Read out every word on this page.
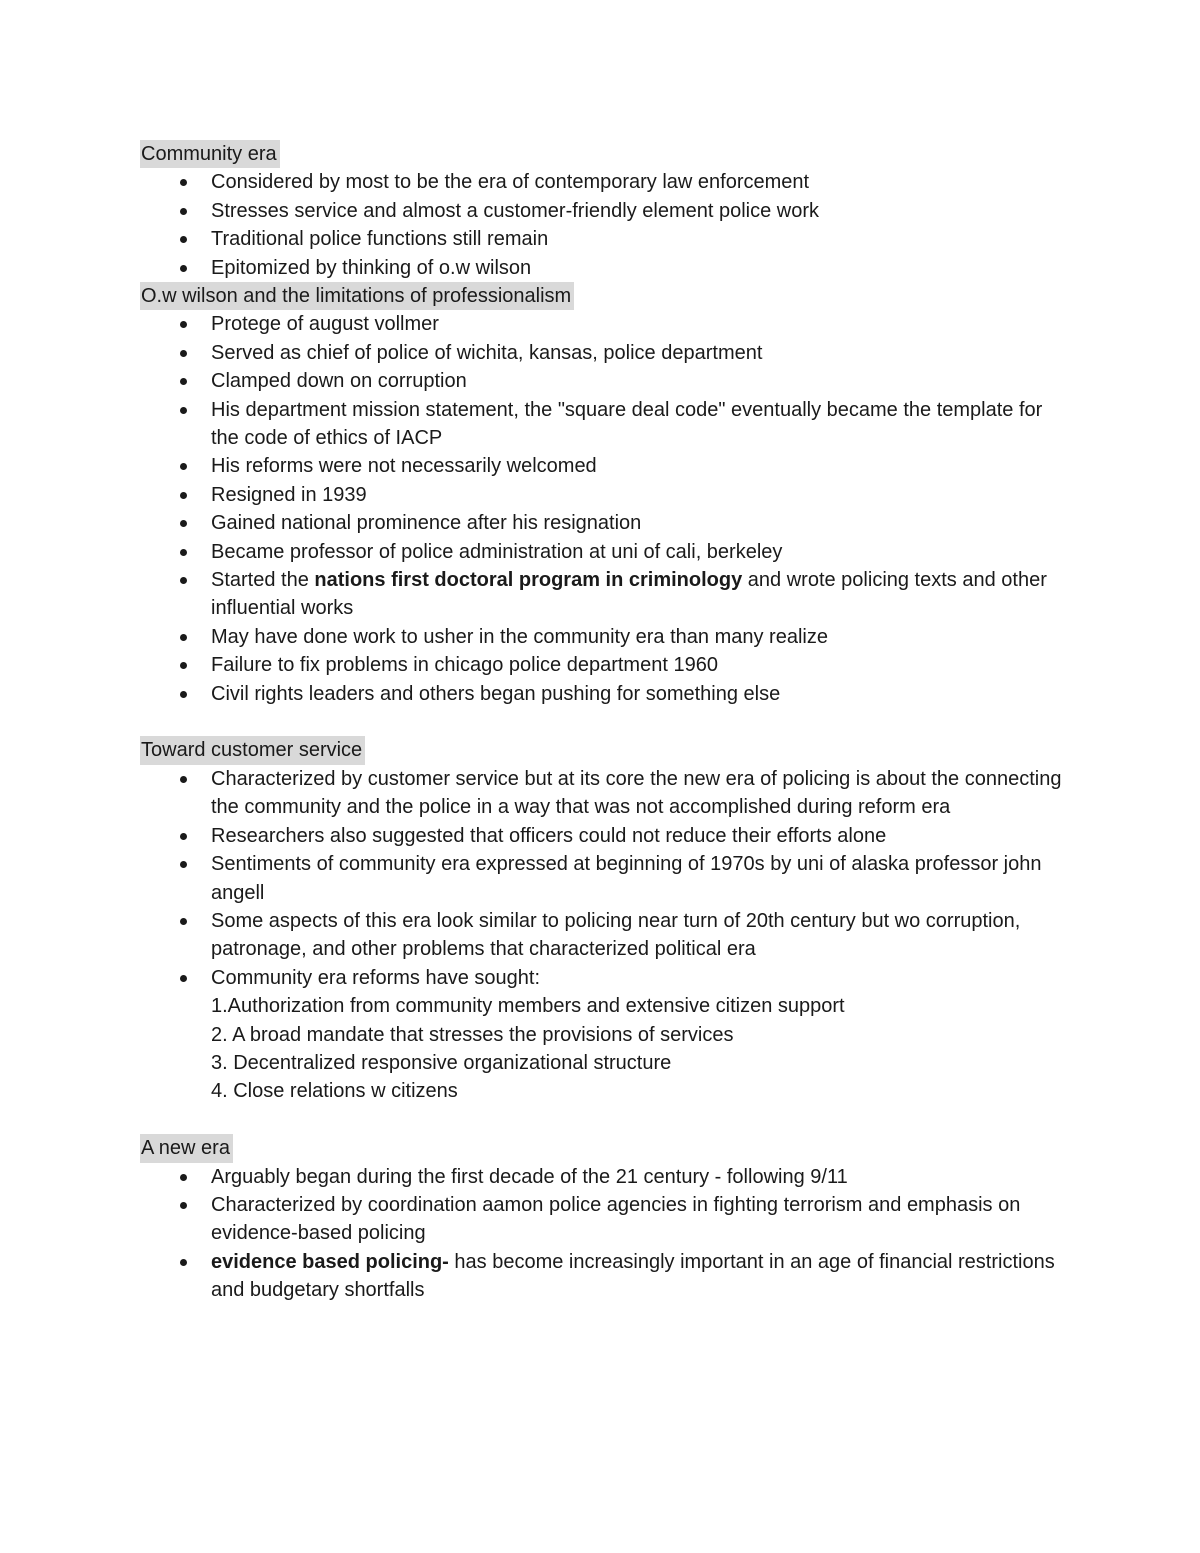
Community era
Considered by most to be the era of contemporary law enforcement
Stresses service and almost a customer-friendly element police work
Traditional police functions still remain
Epitomized by thinking of o.w wilson
O.w wilson and the limitations of professionalism
Protege of august vollmer
Served as chief of police of wichita, kansas, police department
Clamped down on corruption
His department mission statement, the "square deal code" eventually became the template for the code of ethics of IACP
His reforms were not necessarily welcomed
Resigned in 1939
Gained national prominence after his resignation
Became professor of police administration at uni of cali, berkeley
Started the nations first doctoral program in criminology and wrote policing texts and other influential works
May have done work to usher in the community era than many realize
Failure to fix problems in chicago police department 1960
Civil rights leaders and others began pushing for something else
Toward customer service
Characterized by customer service but at its core the new era of policing is about the connecting the community and the police in a way that was not accomplished during reform era
Researchers also suggested that officers could not reduce their efforts alone
Sentiments of community era expressed at beginning of 1970s by uni of alaska professor john angell
Some aspects of this era look similar to policing near turn of 20th century but wo corruption, patronage, and other problems that characterized political era
Community era reforms have sought:
1.Authorization from community members and extensive citizen support
2. A broad mandate that stresses the provisions of services
3. Decentralized responsive organizational structure
4. Close relations w citizens
A new era
Arguably began during the first decade of the 21 century - following 9/11
Characterized by coordination aamon police agencies in fighting terrorism and emphasis on evidence-based policing
evidence based policing- has become increasingly important in an age of financial restrictions and budgetary shortfalls
